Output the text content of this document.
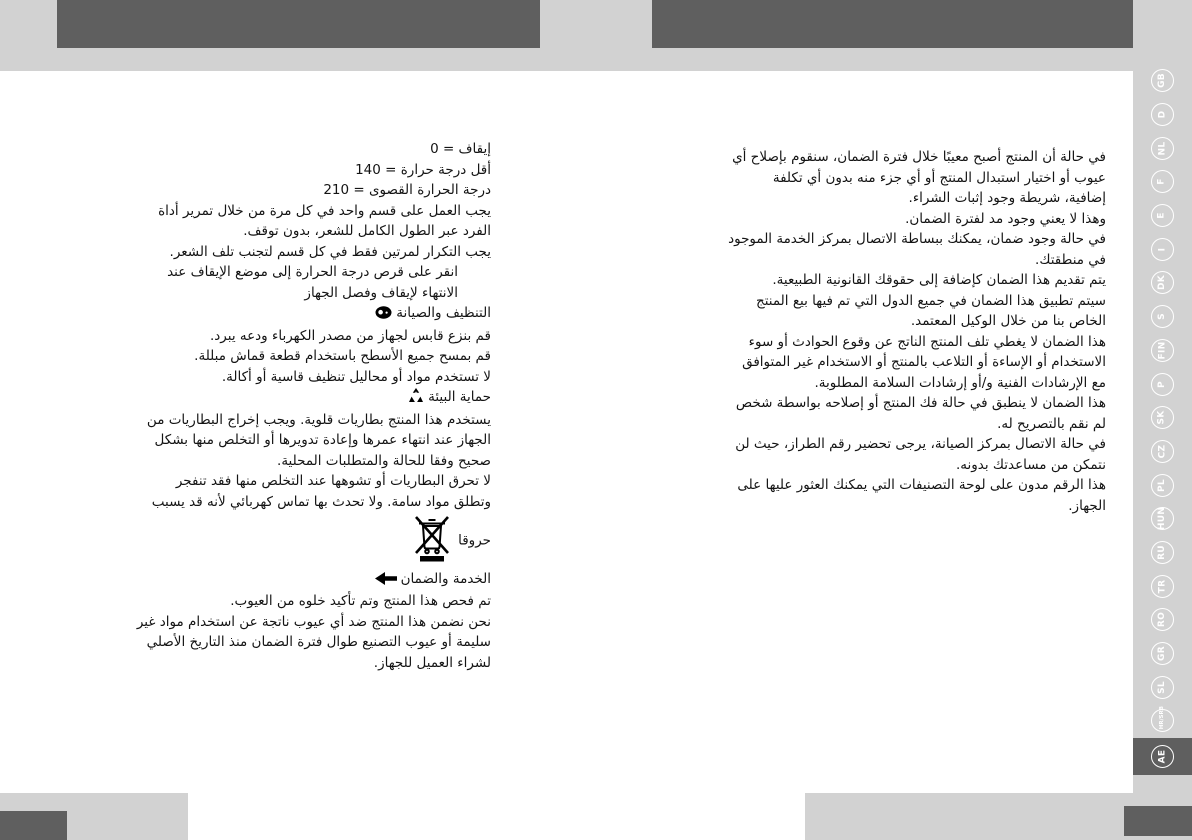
GB
D
NL
F
E
I
DK
S
FIN
P
SK
CZ
PL
HUN
RU
TR
RO
GR
SL
HR/SRB
AE

0 = إيقاف

140 = أقل درجة حرارة

210 = درجة الحرارة القصوى

يجب العمل على قسم واحد في كل مرة من خلال تمرير أداة الفرد عبر الطول الكامل للشعر، بدون توقف.

يجب التكرار لمرتين فقط في كل قسم لتجنب تلف الشعر.

انقر على قرص درجة الحرارة إلى موضع الإيقاف عند الانتهاء لإيقاف وفصل الجهاز

التنظيف والصيانة

قم بنزع قابس لجهاز من مصدر الكهرباء ودعه يبرد.

قم بمسح جميع الأسطح باستخدام قطعة قماش مبللة.

لا تستخدم مواد أو محاليل تنظيف قاسية أو أكالة.

حماية البيئة

يستخدم هذا المنتج بطاريات قلوية. ويجب إخراج البطاريات من الجهاز عند انتهاء عمرها وإعادة تدويرها أو التخلص منها بشكل صحيح وفقا للحالة والمتطلبات المحلية.

لا تحرق البطاريات أو تشوهها عند التخلص منها فقد تنفجر وتطلق مواد سامة. ولا تحدث بها تماس كهربائي لأنه قد يسبب حروقا

الخدمة والضمان

تم فحص هذا المنتج وتم تأكيد خلوه من العيوب.

نحن نضمن هذا المنتج ضد أي عيوب ناتجة عن استخدام مواد غير سليمة أو عيوب التصنيع طوال فترة الضمان منذ التاريخ الأصلي لشراء العميل للجهاز.

في حالة أن المنتج أصبح معيبًا خلال فترة الضمان، سنقوم بإصلاح أي عيوب أو اختيار استبدال المنتج أو أي جزء منه بدون أي تكلفة إضافية، شريطة وجود إثبات الشراء.

وهذا لا يعني وجود مد لفترة الضمان.

في حالة وجود ضمان، يمكنك ببساطة الاتصال بمركز الخدمة الموجود في منطقتك.

يتم تقديم هذا الضمان كإضافة إلى حقوقك القانونية الطبيعية.

سيتم تطبيق هذا الضمان في جميع الدول التي تم فيها بيع المنتج الخاص بنا من خلال الوكيل المعتمد.

هذا الضمان لا يغطي تلف المنتج الناتج عن وقوع الحوادث أو سوء الاستخدام أو الإساءة أو التلاعب بالمنتج أو الاستخدام غير المتوافق مع الإرشادات الفنية و/أو إرشادات السلامة المطلوبة.

هذا الضمان لا ينطبق في حالة فك المنتج أو إصلاحه بواسطة شخص لم نقم بالتصريح له.

في حالة الاتصال بمركز الصيانة، يرجى تحضير رقم الطراز، حيث لن نتمكن من مساعدتك بدونه.

هذا الرقم مدون على لوحة التصنيفات التي يمكنك العثور عليها على الجهاز.
